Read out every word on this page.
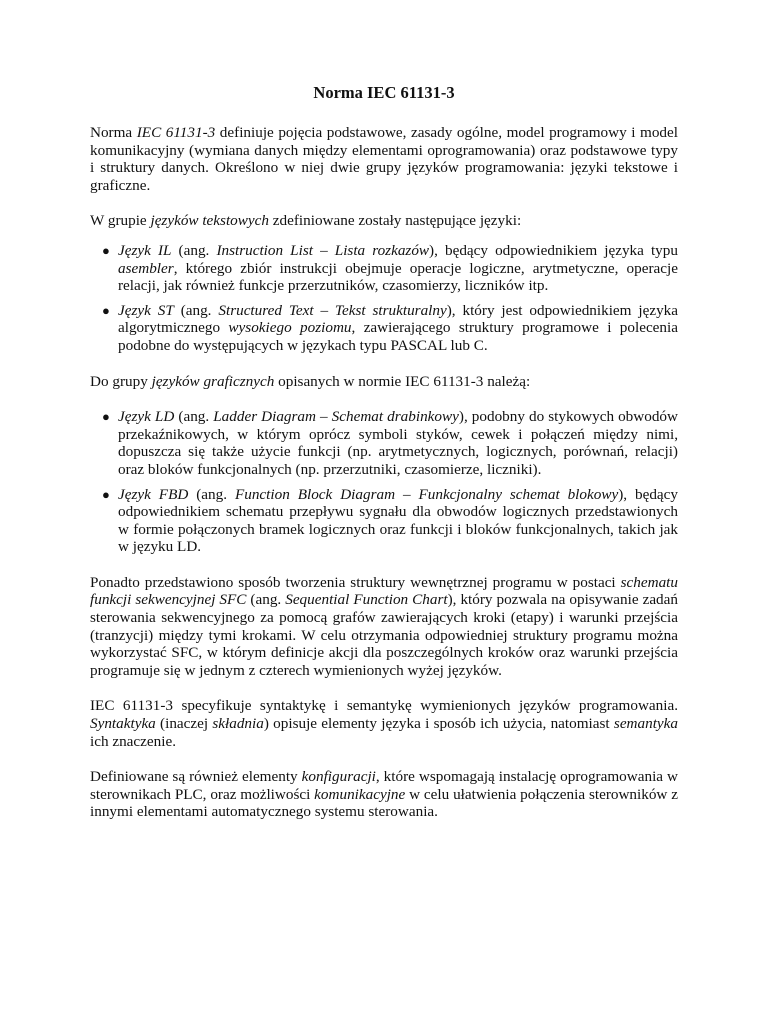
Norma IEC 61131-3

Norma IEC 61131-3 definiuje pojęcia podstawowe, zasady ogólne, model programowy i model komunikacyjny (wymiana danych między elementami oprogramowania) oraz podstawowe typy i struktury danych. Określono w niej dwie grupy języków programowania: języki tekstowe i graficzne.

W grupie języków tekstowych zdefiniowane zostały następujące języki:

● Język IL (ang. Instruction List – Lista rozkazów), będący odpowiednikiem języka typu asembler, którego zbiór instrukcji obejmuje operacje logiczne, arytmetyczne, operacje relacji, jak również funkcje przerzutników, czasomierzy, liczników itp.
● Język ST (ang. Structured Text – Tekst strukturalny), który jest odpowiednikiem języka algorytmicznego wysokiego poziomu, zawierającego struktury programowe i polecenia podobne do występujących w językach typu PASCAL lub C.

Do grupy języków graficznych opisanych w normie IEC 61131-3 należą:

● Język LD (ang. Ladder Diagram – Schemat drabinkowy), podobny do stykowych obwodów przekaźnikowych, w którym oprócz symboli styków, cewek i połączeń między nimi, dopuszcza się także użycie funkcji (np. arytmetycznych, logicznych, porównań, relacji) oraz bloków funkcjonalnych (np. przerzutniki, czasomierze, liczniki).
● Język FBD (ang. Function Block Diagram – Funkcjonalny schemat blokowy), będący odpowiednikiem schematu przepływu sygnału dla obwodów logicznych przedstawionych w formie połączonych bramek logicznych oraz funkcji i bloków funkcjonalnych, takich jak w języku LD.

Ponadto przedstawiono sposób tworzenia struktury wewnętrznej programu w postaci schematu funkcji sekwencyjnej SFC (ang. Sequential Function Chart), który pozwala na opisywanie zadań sterowania sekwencyjnego za pomocą grafów zawierających kroki (etapy) i warunki przejścia (tranzycji) między tymi krokami. W celu otrzymania odpowiedniej struktury programu można wykorzystać SFC, w którym definicje akcji dla poszczególnych kroków oraz warunki przejścia programuje się w jednym z czterech wymienionych wyżej języków.

IEC 61131-3 specyfikuje syntaktykę i semantykę wymienionych języków programowania. Syntaktyka (inaczej składnia) opisuje elementy języka i sposób ich użycia, natomiast semantyka ich znaczenie.

Definiowane są również elementy konfiguracji, które wspomagają instalację oprogramowania w sterownikach PLC, oraz możliwości komunikacyjne w celu ułatwienia połączenia sterowników z innymi elementami automatycznego systemu sterowania.
